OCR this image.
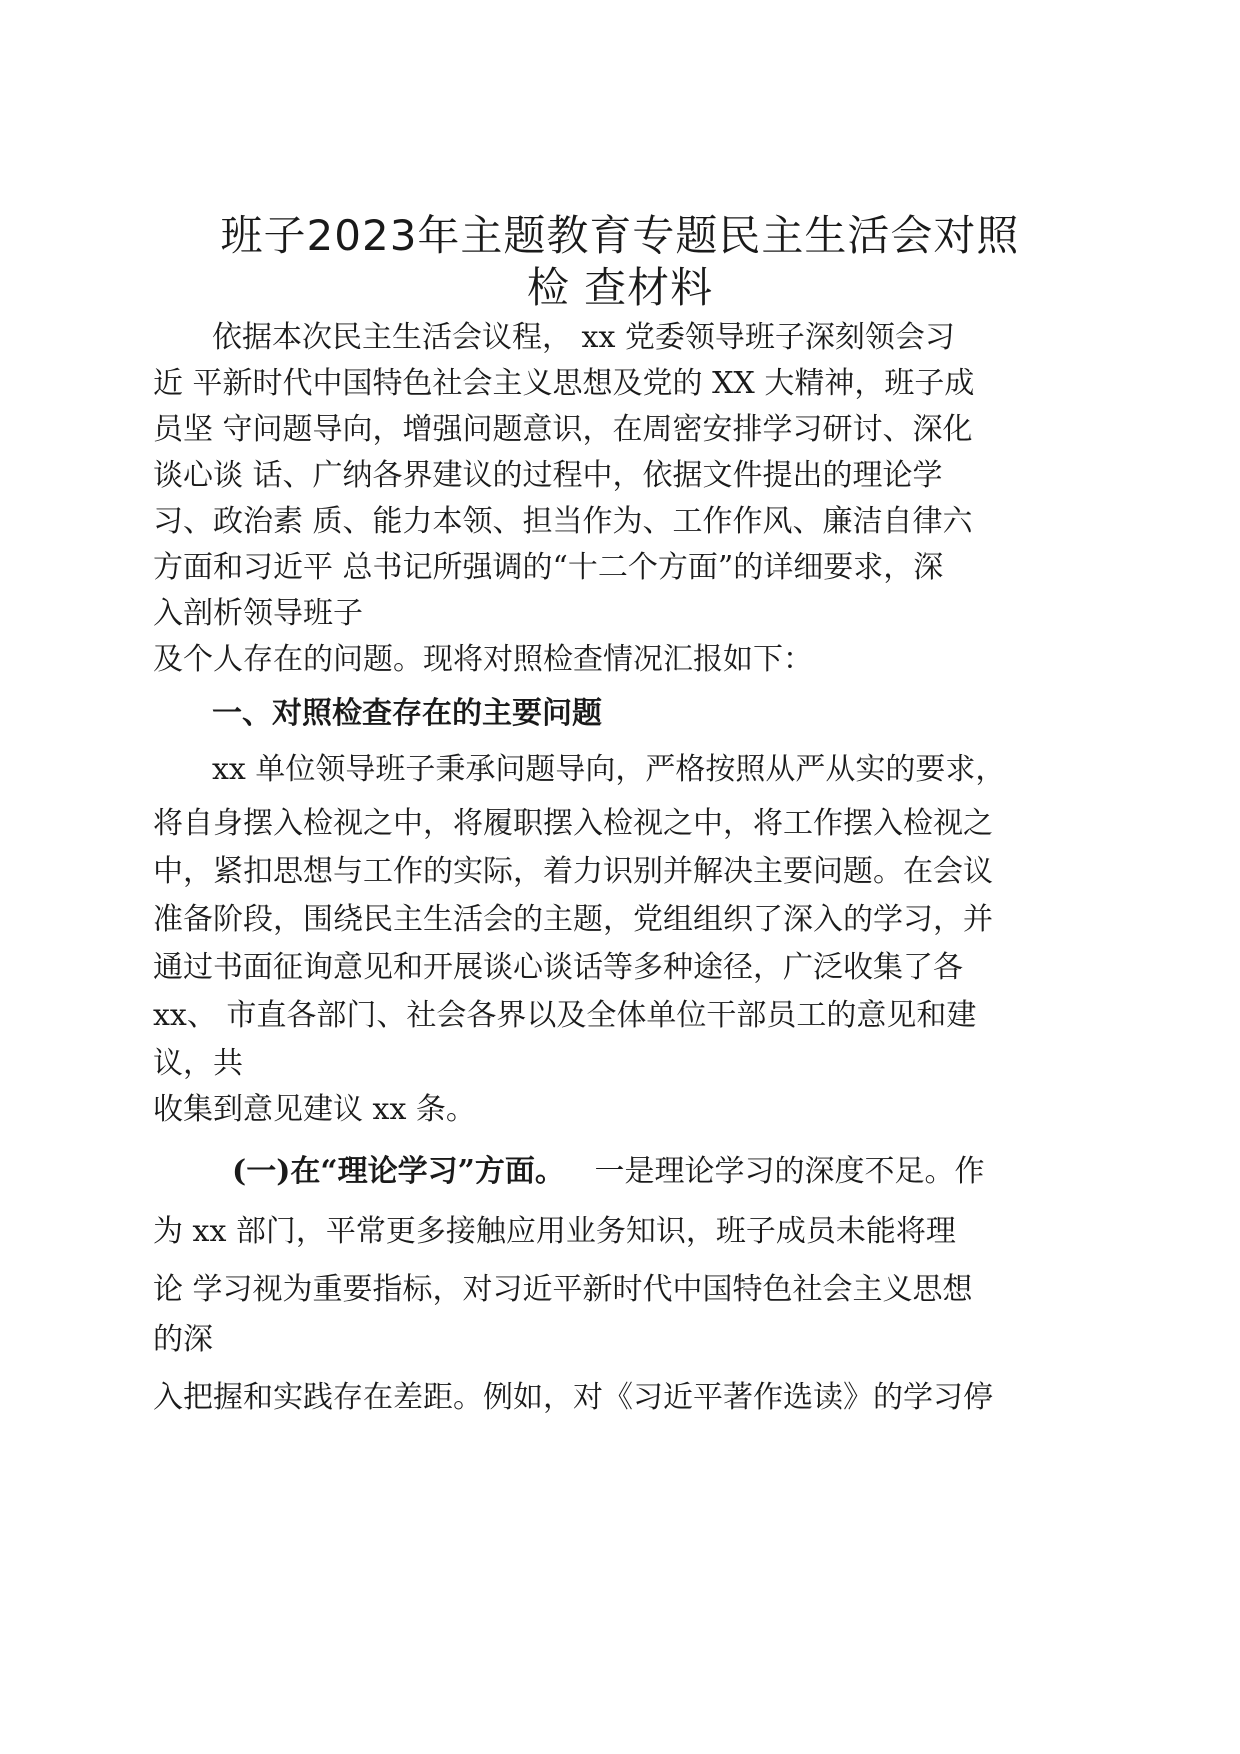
班子2023年主题教育专题民主生活会对照
检 查材料
依据本次民主生活会议程， xx 党委领导班子深刻领会习
近 平新时代中国特色社会主义思想及党的 XX 大精神，班子成
员坚 守问题导向，增强问题意识，在周密安排学习研讨、深化
谈心谈 话、广纳各界建议的过程中，依据文件提出的理论学
习、政治素 质、能力本领、担当作为、工作作风、廉洁自律六
方面和习近平 总书记所强调的“十二个方面”的详细要求，深
入剖析领导班子
及个人存在的问题。现将对照检查情况汇报如下：
一、对照检查存在的主要问题
xx 单位领导班子秉承问题导向，严格按照从严从实的要求，
将自身摆入检视之中，将履职摆入检视之中，将工作摆入检视之
中，紧扣思想与工作的实际，着力识别并解决主要问题。在会议
准备阶段，围绕民主生活会的主题，党组组织了深入的学习，并
通过书面征询意见和开展谈心谈话等多种途径，广泛收集了各
xx、 市直各部门、社会各界以及全体单位干部员工的意见和建
议，共
收集到意见建议 xx 条。
(一)在“理论学习”方面。 一是理论学习的深度不足。作
为 xx 部门，平常更多接触应用业务知识，班子成员未能将理
论 学习视为重要指标，对习近平新时代中国特色社会主义思想
的深
入把握和实践存在差距。例如，对《习近平著作选读》的学习停
